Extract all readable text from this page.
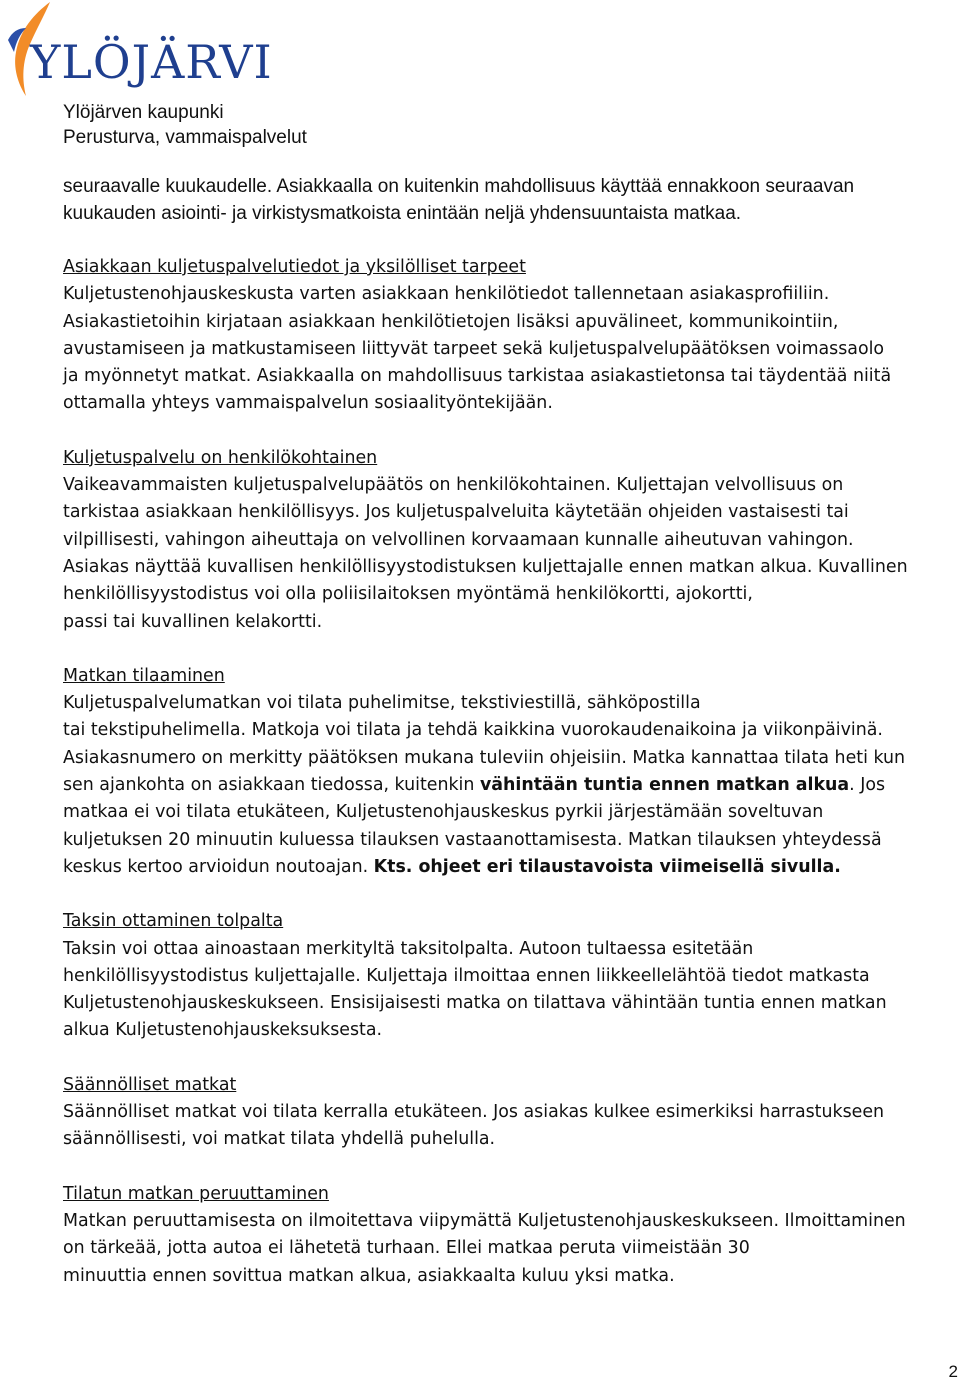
YLÖJÄRVI
Ylöjärven kaupunki
Perusturva, vammaispalvelut
seuraavalle kuukaudelle. Asiakkaalla on kuitenkin mahdollisuus käyttää ennakkoon seuraavan
kuukauden asiointi- ja virkistysmatkoista enintään neljä yhdensuuntaista matkaa.
Asiakkaan kuljetuspalvelutiedot ja yksilölliset tarpeet
Kuljetustenohjauskeskusta varten asiakkaan henkilötiedot tallennetaan asiakasprofiiliin.
Asiakastietoihin kirjataan asiakkaan henkilötietojen lisäksi apuvälineet, kommunikointiin,
avustamiseen ja matkustamiseen liittyvät tarpeet sekä kuljetuspalvelupäätöksen voimassaolo
ja myönnetyt matkat. Asiakkaalla on mahdollisuus tarkistaa asiakastietonsa tai täydentää niitä
ottamalla yhteys vammaispalvelun sosiaalityöntekijään.
Kuljetuspalvelu on henkilökohtainen
Vaikeavammaisten kuljetuspalvelupäätös on henkilökohtainen. Kuljettajan velvollisuus on
tarkistaa asiakkaan henkilöllisyys. Jos kuljetuspalveluita käytetään ohjeiden vastaisesti tai
vilpillisesti, vahingon aiheuttaja on velvollinen korvaamaan kunnalle aiheutuvan vahingon.
Asiakas näyttää kuvallisen henkilöllisyystodistuksen kuljettajalle ennen matkan alkua. Kuvallinen
henkilöllisyystodistus voi olla poliisilaitoksen myöntämä henkilökortti, ajokortti,
passi tai kuvallinen kelakortti.
Matkan tilaaminen
Kuljetuspalvelumatkan voi tilata puhelimitse, tekstiviestillä, sähköpostilla
tai tekstipuhelimella. Matkoja voi tilata ja tehdä kaikkina vuorokaudenaikoina ja viikonpäivinä.
Asiakasnumero on merkitty päätöksen mukana tuleviin ohjeisiin. Matka kannattaa tilata heti kun
sen ajankohta on asiakkaan tiedossa, kuitenkin vähintään tuntia ennen matkan alkua. Jos
matkaa ei voi tilata etukäteen, Kuljetustenohjauskeskus pyrkii järjestämään soveltuvan
kuljetuksen 20 minuutin kuluessa tilauksen vastaanottamisesta. Matkan tilauksen yhteydessä
keskus kertoo arvioidun noutoajan. Kts. ohjeet eri tilaustavoista viimeisellä sivulla.
Taksin ottaminen tolpalta
Taksin voi ottaa ainoastaan merkityltä taksitolpalta. Autoon tultaessa esitetään
henkilöllisyystodistus kuljettajalle. Kuljettaja ilmoittaa ennen liikkeellelähtöä tiedot matkasta
Kuljetustenohjauskeskukseen. Ensisijaisesti matka on tilattava vähintään tuntia ennen matkan
alkua Kuljetustenohjauskeksuksesta.
Säännölliset matkat
Säännölliset matkat voi tilata kerralla etukäteen. Jos asiakas kulkee esimerkiksi harrastukseen
säännöllisesti, voi matkat tilata yhdellä puhelulla.
Tilatun matkan peruuttaminen
Matkan peruuttamisesta on ilmoitettava viipymättä Kuljetustenohjauskeskukseen. Ilmoittaminen
on tärkeää, jotta autoa ei lähetetä turhaan. Ellei matkaa peruta viimeistään 30
minuuttia ennen sovittua matkan alkua, asiakkaalta kuluu yksi matka.
2
